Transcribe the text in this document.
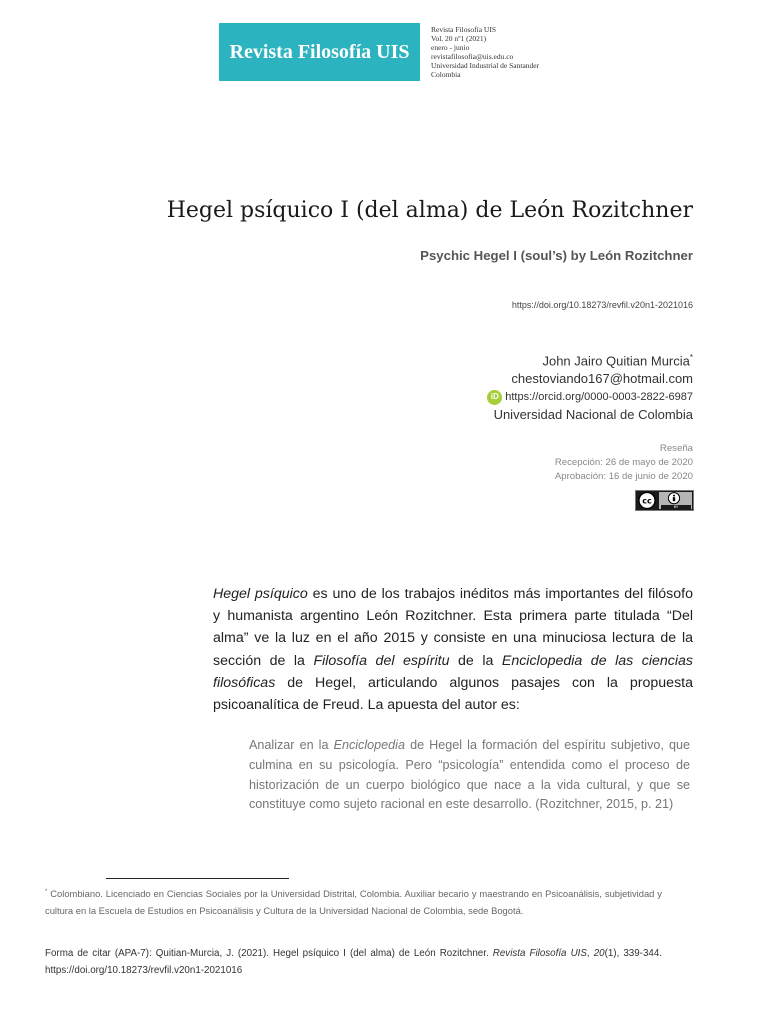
Revista Filosofía UIS
Revista Filosofía UIS
Vol. 20 nº1 (2021)
enero - junio
revistafilosofia@uis.edu.co
Universidad Industrial de Santander
Colombia
Hegel psíquico I (del alma) de León Rozitchner
Psychic Hegel I (soul’s) by León Rozitchner
https://doi.org/10.18273/revfil.v20n1-2021016
John Jairo Quitian Murcia*
chestoviando167@hotmail.com
iD https://orcid.org/0000-0003-2822-6987
Universidad Nacional de Colombia
Reseña
Recepción: 26 de mayo de 2020
Aprobación: 16 de junio de 2020
cc
BY
Hegel psíquico es uno de los trabajos inéditos más importantes del filósofo y humanista argentino León Rozitchner. Esta primera parte titulada “Del alma” ve la luz en el año 2015 y consiste en una minuciosa lectura de la sección de la Filosofía del espíritu de la Enciclopedia de las ciencias filosóficas de Hegel, articulando algunos pasajes con la propuesta psicoanalítica de Freud. La apuesta del autor es:
Analizar en la Enciclopedia de Hegel la formación del espíritu subjetivo, que culmina en su psicología. Pero “psicología” entendida como el proceso de historización de un cuerpo biológico que nace a la vida cultural, y que se constituye como sujeto racional en este desarrollo. (Rozitchner, 2015, p. 21)
* Colombiano. Licenciado en Ciencias Sociales por la Universidad Distrital, Colombia. Auxiliar becario y maestrando en Psicoanálisis, subjetividad y cultura en la Escuela de Estudios en Psicoanálisis y Cultura de la Universidad Nacional de Colombia, sede Bogotá.
Forma de citar (APA-7): Quitian-Murcia, J. (2021). Hegel psíquico I (del alma) de León Rozitchner. Revista Filosofía UIS, 20(1), 339-344. https://doi.org/10.18273/revfil.v20n1-2021016
